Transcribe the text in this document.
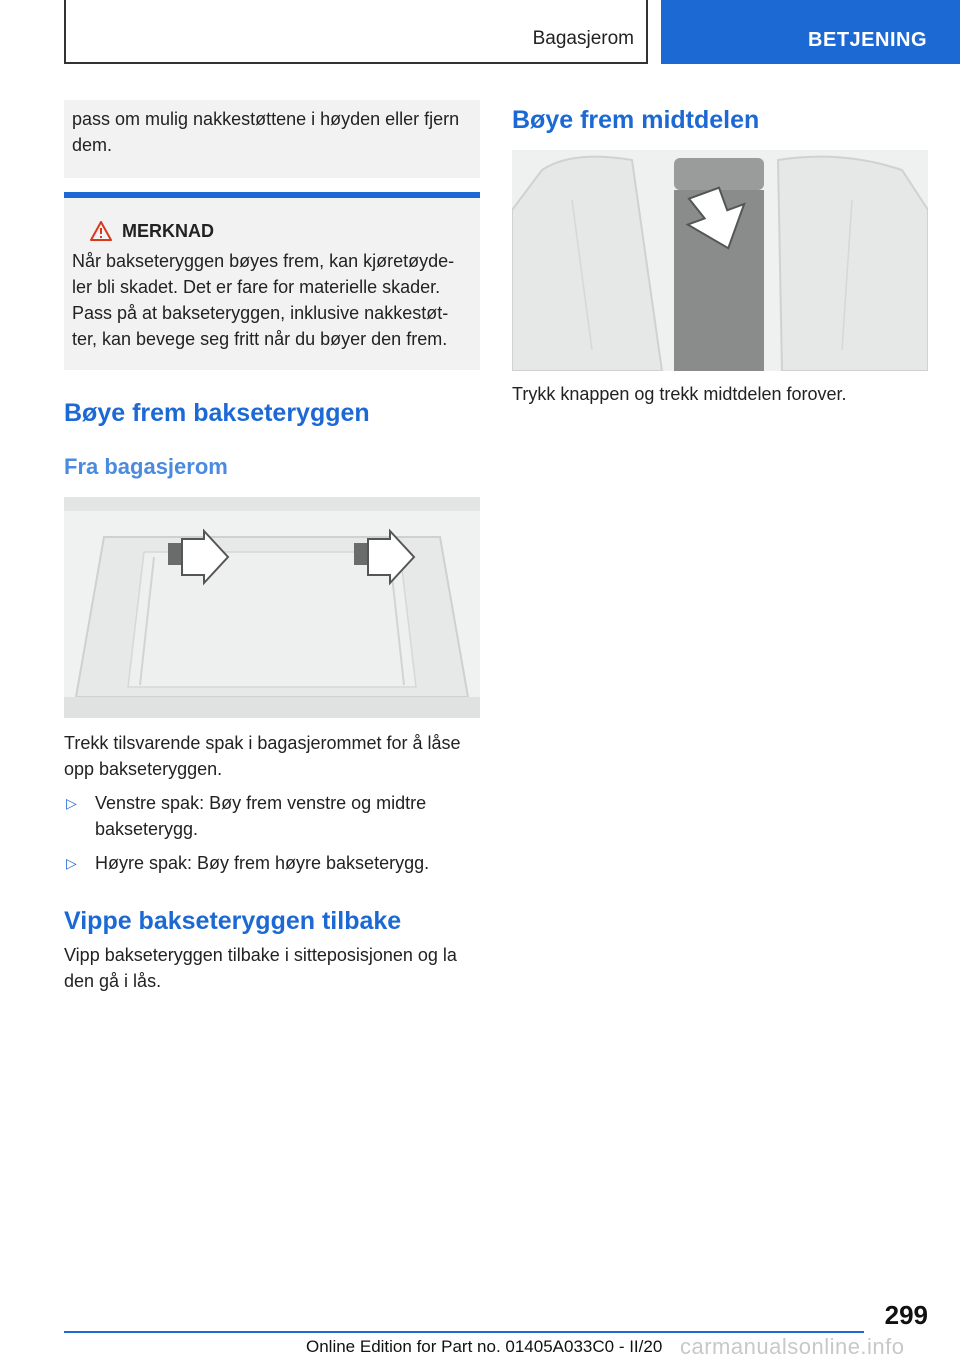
Bagasjerom	BETJENING
pass om mulig nakkestøttene i høyden eller fjern dem.
MERKNAD
Når bakseteryggen bøyes frem, kan kjøretøyde-ler bli skadet. Det er fare for materielle skader. Pass på at bakseteryggen, inklusive nakkestøt-ter, kan bevege seg fritt når du bøyer den frem.
Bøye frem bakseteryggen
Fra bagasjerom

Trekk tilsvarende spak i bagasjerommet for å låse opp bakseteryggen.

▷ Venstre spak: Bøy frem venstre og midtre bakseterygg.
▷ Høyre spak: Bøy frem høyre bakseterygg.
Vippe bakseteryggen tilbake

Vipp bakseteryggen tilbake i sitteposisjonen og la den gå i lås.

Bøye frem midtdelen

Trykk knappen og trekk midtdelen forover.

299
Online Edition for Part no. 01405A033C0 - II/20 carmanualsonline.info
